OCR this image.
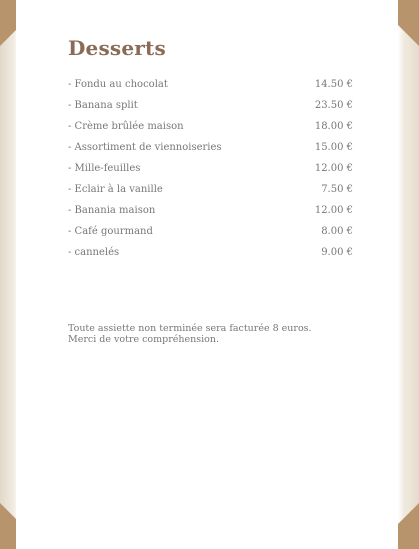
Desserts
- Fondu au chocolat	14.50 €
- Banana split	23.50 €
- Crème brûlée maison	18.00 €
- Assortiment de viennoiseries	15.00 €
- Mille-feuilles	12.00 €
- Eclair à la vanille	7.50 €
- Banania maison	12.00 €
- Café gourmand	8.00 €
- cannelés	9.00 €
Toute assiette non terminée sera facturée 8 euros.
Merci de votre compréhension.
